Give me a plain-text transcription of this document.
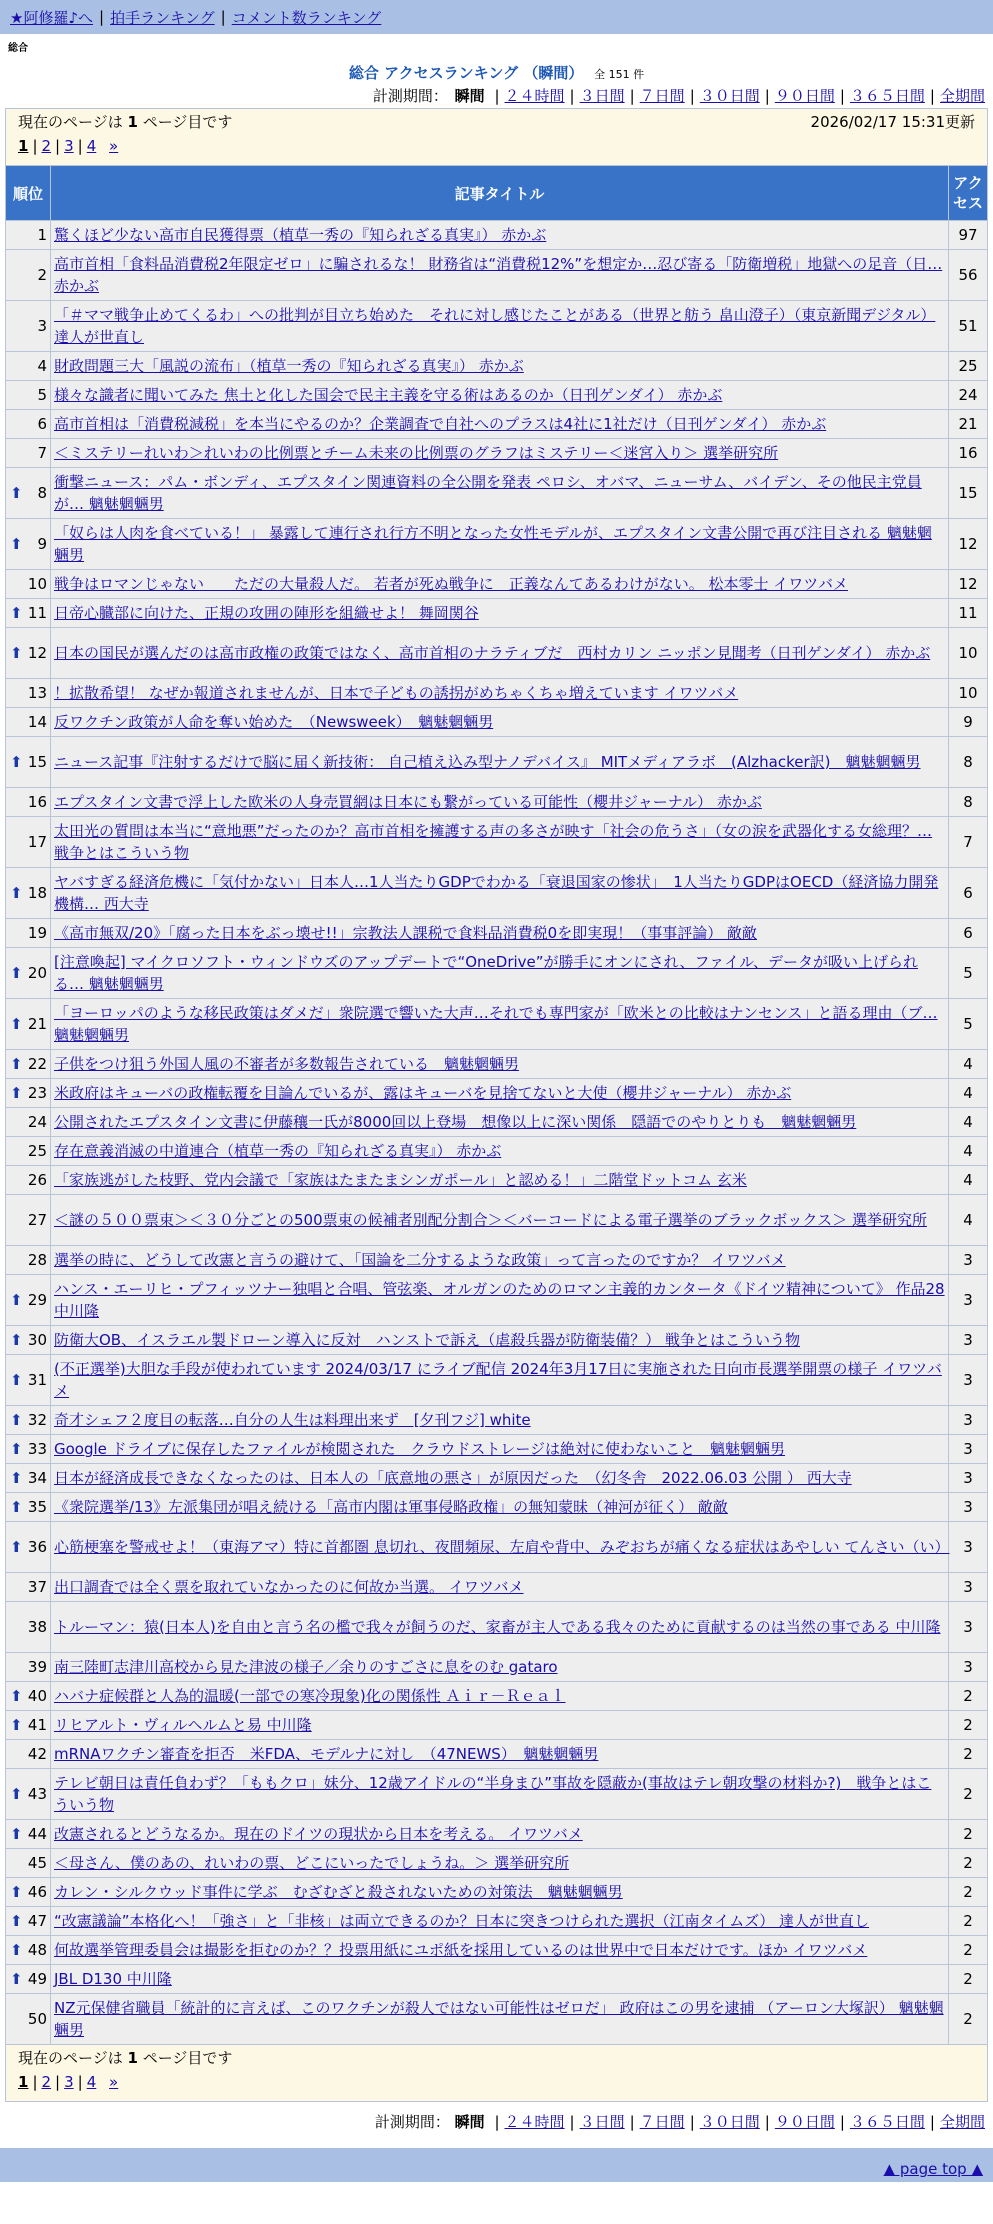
★阿修羅♪へ | 拍手ランキング | コメント数ランキング
総合
総合 アクセスランキング （瞬間） 全 151 件
計測期間： 瞬間 | ２４時間 | ３日間 | ７日間 | ３０日間 | ９０日間 | ３６５日間 | 全期間
現在のページは 1 ページ目です 2026/02/17 15:31更新
1 | 2 | 3 | 4 »		

順位	記事タイトル	アクセス
1	驚くほど少ない高市自民獲得票（植草一秀の『知られざる真実』） 赤かぶ	97
2	高市首相「食料品消費税2年限定ゼロ」に騙されるな！ 財務省は“消費税12%”を想定か…忍び寄る「防衛増税」地獄への足音（日… 赤かぶ	56
3	「＃ママ戦争止めてくるわ」への批判が目立ち始めた　それに対し感じたことがある（世界と舫う 畠山澄子）（東京新聞デジタル） 達人が世直し	51
4	財政問題三大「風説の流布」（植草一秀の『知られざる真実』） 赤かぶ	25
5	様々な識者に聞いてみた 焦土と化した国会で民主主義を守る術はあるのか（日刊ゲンダイ） 赤かぶ	24
6	高市首相は「消費税減税」を本当にやるのか？企業調査で自社へのプラスは4社に1社だけ（日刊ゲンダイ） 赤かぶ	21
7	＜ミステリーれいわ＞れいわの比例票とチーム未来の比例票のグラフはミステリー＜迷宮入り＞ 選挙研究所	16

⬆ 8	衝撃ニュース：パム・ボンディ、エプスタイン関連資料の全公開を発表 ペロシ、オバマ、ニューサム、バイデン、その他民主党員が… 魑魅魍魎男	15

⬆ 9	「奴らは人肉を食べている！」 暴露して連行され行方不明となった女性モデルが、エプスタイン文書公開で再び注目される 魑魅魍魎男	12
10	戦争はロマンじゃない　　ただの大量殺人だ。 若者が死ぬ戦争に　正義なんてあるわけがない。 松本零士 イワツバメ	12

⬆ 11	日帝心臓部に向けた、正規の攻囲の陣形を組織せよ！ 舞岡関谷	11

⬆ 12	日本の国民が選んだのは高市政権の政策ではなく、高市首相のナラティブだ　西村カリン ニッポン見聞考（日刊ゲンダイ） 赤かぶ	10
13	！拡散希望！ なぜか報道されませんが、日本で子どもの誘拐がめちゃくちゃ増えています イワツバメ	10
14	反ワクチン政策が人命を奪い始めた　（Newsweek）　魑魅魍魎男	9

⬆ 15	ニュース記事『注射するだけで脳に届く新技術： 自己植え込み型ナノデバイス』 MITメディアラボ　(Alzhacker訳)　魑魅魍魎男	8
16	エプスタイン文書で浮上した欧米の人身売買網は日本にも繋がっている可能性（櫻井ジャーナル） 赤かぶ	8
17	太田光の質問は本当に“意地悪”だったのか？高市首相を擁護する声の多さが映す「社会の危うさ」（女の涙を武器化する女総理？… 戦争とはこういう物	7

⬆ 18	ヤバすぎる経済危機に「気付かない」日本人…1人当たりGDPでわかる「衰退国家の惨状」　1人当たりGDPはOECD（経済協力開発機構… 西大寺	6
19	《高市無双/20》「腐った日本をぶっ壊せ!!」宗教法人課税で食料品消費税0を即実現！（事事評論） 敵敵	6

⬆ 20	[注意喚起] マイクロソフト・ウィンドウズのアップデートで“OneDrive”が勝手にオンにされ、ファイル、データが吸い上げられる… 魑魅魍魎男	5

⬆ 21	「ヨーロッパのような移民政策はダメだ」衆院選で響いた大声…それでも専門家が「欧米との比較はナンセンス」と語る理由（ブ… 魑魅魍魎男	5

⬆ 22	子供をつけ狙う外国人風の不審者が多数報告されている　魑魅魍魎男	4

⬆ 23	米政府はキューバの政権転覆を目論んでいるが、露はキューバを見捨てないと大使（櫻井ジャーナル） 赤かぶ	4
24	公開されたエプスタイン文書に伊藤穰一氏が8000回以上登場　想像以上に深い関係　隠語でのやりとりも　魑魅魍魎男	4
25	存在意義消滅の中道連合（植草一秀の『知られざる真実』） 赤かぶ	4
26	「家族逃がした枝野、党内会議で「家族はたまたまシンガポール」と認める！」二階堂ドットコム 玄米	4
27	＜謎の５００票束＞＜３０分ごとの500票束の候補者別配分割合＞＜バーコードによる電子選挙のブラックボックス＞ 選挙研究所	4
28	選挙の時に、どうして改憲と言うの避けて、「国論を二分するような政策」って言ったのですか？ イワツバメ	3

⬆ 29	ハンス・エーリヒ・プフィッツナー独唱と合唱、管弦楽、オルガンのためのロマン主義的カンタータ《ドイツ精神について》 作品28 中川隆	3

⬆ 30	防衛大OB、イスラエル製ドローン導入に反対　ハンストで訴え（虐殺兵器が防衛装備？） 戦争とはこういう物	3

⬆ 31	(不正選挙)大胆な手段が使われています 2024/03/17 にライブ配信 2024年3月17日に実施された日向市長選挙開票の様子 イワツバメ	3

⬆ 32	奇才シェフ２度目の転落…自分の人生は料理出来ず　[夕刊フジ] white	3

⬆ 33	Google ドライブに保存したファイルが検閲された　クラウドストレージは絶対に使わないこと　魑魅魍魎男	3

⬆ 34	日本が経済成長できなくなったのは、日本人の「底意地の悪さ」が原因だった　（幻冬舎　2022.06.03 公開 ） 西大寺	3

⬆ 35	《衆院選挙/13》左派集団が唱え続ける「高市内閣は軍事侵略政権」の無知蒙昧（神河が征く） 敵敵	3

⬆ 36	心筋梗塞を警戒せよ！（東海アマ）特に首都圏 息切れ、夜間頻尿、左肩や背中、みぞおちが痛くなる症状はあやしい てんさい（い）	3
37	出口調査では全く票を取れていなかったのに何故か当選。 イワツバメ	3
38	トルーマン：猿(日本人)を自由と言う名の檻で我々が飼うのだ、家畜が主人である我々のために貢献するのは当然の事である 中川隆	3
39	南三陸町志津川高校から見た津波の様子／余りのすごさに息をのむ gataro	3

⬆ 40	ハバナ症候群と人為的温暖(一部での寒冷現象)化の関係性 Ａｉｒ－Ｒｅａｌ	2

⬆ 41	リヒアルト・ヴィルヘルムと易 中川隆	2
42	mRNAワクチン審査を拒否　米FDA、モデルナに対し　（47NEWS）　魑魅魍魎男	2

⬆ 43	テレビ朝日は責任負わず？「ももクロ」妹分、12歳アイドルの“半身まひ”事故を隠蔽か(事故はテレ朝攻撃の材料か?)　戦争とはこういう物	2

⬆ 44	改憲されるとどうなるか。現在のドイツの現状から日本を考える。 イワツバメ	2
45	＜母さん、僕のあの、れいわの票、どこにいったでしょうね。＞ 選挙研究所	2

⬆ 46	カレン・シルクウッド事件に学ぶ　むざむざと殺されないための対策法　魑魅魍魎男	2

⬆ 47	“改憲議論”本格化へ！「強さ」と「非核」は両立できるのか？日本に突きつけられた選択（江南タイムズ） 達人が世直し	2

⬆ 48	何故選挙管理委員会は撮影を拒むのか？？投票用紙にユポ紙を採用しているのは世界中で日本だけです。ほか イワツバメ	2

⬆ 49	JBL D130 中川隆	2
50	NZ元保健省職員「統計的に言えば、このワクチンが殺人ではない可能性はゼロだ」 政府はこの男を逮捕 （アーロン大塚訳） 魑魅魍魎男	2

現在のページは 1 ページ目です
1 | 2 | 3 | 4 »		
計測期間： 瞬間 | ２４時間 | ３日間 | ７日間 | ３０日間 | ９０日間 | ３６５日間 | 全期間
▲ page top ▲
